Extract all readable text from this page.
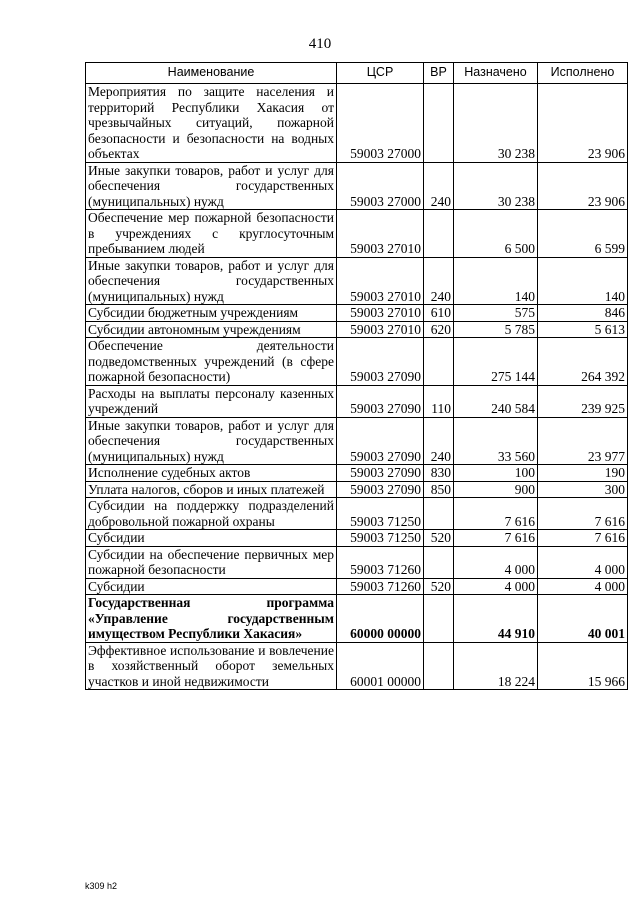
410
Наименование	ЦСР	ВР	Назначено	Исполнено
Мероприятия по защите населения и территорий Республики Хакасия от чрезвычайных ситуаций, пожарной безопасности и безопасности на водных объектах	59003 27000		30 238	23 906
Иные закупки товаров, работ и услуг для обеспечения государственных (муниципальных) нужд	59003 27000	240	30 238	23 906
Обеспечение мер пожарной безопасности в учреждениях с круглосуточным пребыванием людей	59003 27010		6 500	6 599
Иные закупки товаров, работ и услуг для обеспечения государственных (муниципальных) нужд	59003 27010	240	140	140
Субсидии бюджетным учреждениям	59003 27010	610	575	846
Субсидии автономным учреждениям	59003 27010	620	5 785	5 613
Обеспечение деятельности подведомственных учреждений (в сфере пожарной безопасности)	59003 27090		275 144	264 392
Расходы на выплаты персоналу казенных учреждений	59003 27090	110	240 584	239 925
Иные закупки товаров, работ и услуг для обеспечения государственных (муниципальных) нужд	59003 27090	240	33 560	23 977
Исполнение судебных актов	59003 27090	830	100	190
Уплата налогов, сборов и иных платежей	59003 27090	850	900	300
Субсидии на поддержку подразделений добровольной пожарной охраны	59003 71250		7 616	7 616
Субсидии	59003 71250	520	7 616	7 616
Субсидии на обеспечение первичных мер пожарной безопасности	59003 71260		4 000	4 000
Субсидии	59003 71260	520	4 000	4 000
Государственная программа «Управление государственным имуществом Республики Хакасия»	60000 00000		44 910	40 001
Эффективное использование и вовлечение в хозяйственный оборот земельных участков и иной недвижимости	60001 00000		18 224	15 966
k309 h2
